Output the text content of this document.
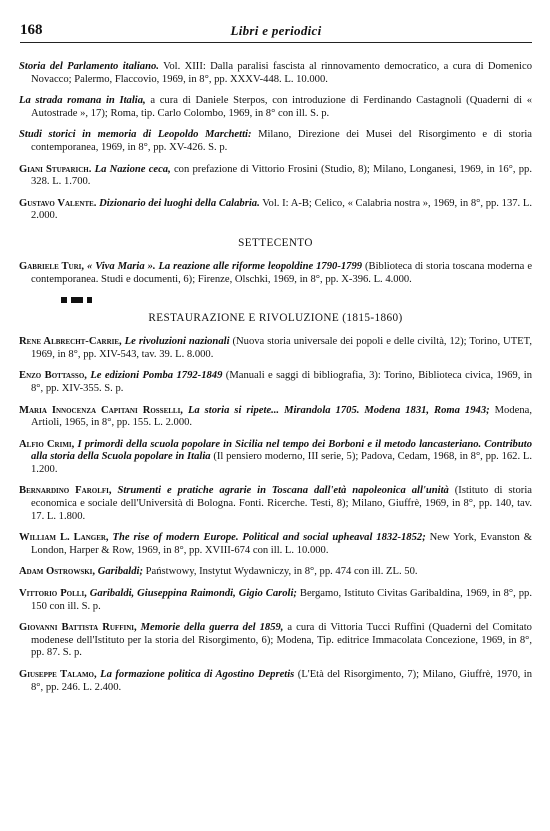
168	Libri e periodici
Storia del Parlamento italiano. Vol. XIII: Dalla paralisi fascista al rinnovamento democratico, a cura di Domenico Novacco; Palermo, Flaccovio, 1969, in 8°, pp. XXXV-448. L. 10.000.
La strada romana in Italia, a cura di Daniele Sterpos, con introduzione di Ferdinando Castagnoli (Quaderni di « Autostrade », 17); Roma, tip. Carlo Colombo, 1969, in 8° con ill. S. p.
Studi storici in memoria di Leopoldo Marchetti: Milano, Direzione dei Musei del Risorgimento e di storia contemporanea, 1969, in 8°, pp. XV-426. S. p.
Giani Stuparich. La Nazione ceca, con prefazione di Vittorio Frosini (Studio, 8); Milano, Longanesi, 1969, in 16°, pp. 328. L. 1.700.
Gustavo Valente. Dizionario dei luoghi della Calabria. Vol. I: A-B; Celico, « Calabria nostra », 1969, in 8°, pp. 137. L. 2.000.
SETTECENTO
Gabriele Turi, « Viva Maria ». La reazione alle riforme leopoldine 1790-1799 (Biblioteca di storia toscana moderna e contemporanea. Studi e documenti, 6); Firenze, Olschki, 1969, in 8°, pp. X-396. L. 4.000.
RESTAURAZIONE E RIVOLUZIONE (1815-1860)
Rene Albrecht-Carrie, Le rivoluzioni nazionali (Nuova storia universale dei popoli e delle civiltà, 12); Torino, UTET, 1969, in 8°, pp. XIV-543, tav. 39. L. 8.000.
Enzo Bottasso, Le edizioni Pomba 1792-1849 (Manuali e saggi di bibliografia, 3): Torino, Biblioteca civica, 1969, in 8°, pp. XIV-355. S. p.
Maria Innocenza Capitani Rosselli, La storia si ripete... Mirandola 1705. Modena 1831, Roma 1943; Modena, Artioli, 1965, in 8°, pp. 155. L. 2.000.
Alfio Crimi, I primordi della scuola popolare in Sicilia nel tempo dei Borboni e il metodo lancasteriano. Contributo alla storia della Scuola popolare in Italia (Il pensiero moderno, III serie, 5); Padova, Cedam, 1968, in 8°, pp. 162. L. 1.200.
Bernardino Farolfi, Strumenti e pratiche agrarie in Toscana dall'età napoleonica all'unità (Istituto di storia economica e sociale dell'Università di Bologna. Fonti. Ricerche. Testi, 8); Milano, Giuffrè, 1969, in 8°, pp. 140, tav. 17. L. 1.800.
William L. Langer, The rise of modern Europe. Political and social upheaval 1832-1852; New York, Evanston & London, Harper & Row, 1969, in 8°, pp. XVIII-674 con ill. L. 10.000.
Adam Ostrowski, Garibaldi; Państwowy, Instytut Wydawniczy, in 8°, pp. 474 con ill. ZL. 50.
Vittorio Polli, Garibaldi, Giuseppina Raimondi, Gigio Caroli; Bergamo, Istituto Civitas Garibaldina, 1969, in 8°, pp. 150 con ill. S. p.
Giovanni Battista Ruffini, Memorie della guerra del 1859, a cura di Vittoria Tucci Ruffini (Quaderni del Comitato modenese dell'Istituto per la storia del Risorgimento, 6); Modena, Tip. editrice Immacolata Concezione, 1969, in 8°, pp. 87. S. p.
Giuseppe Talamo, La formazione politica di Agostino Depretis (L'Età del Risorgimento, 7); Milano, Giuffrè, 1970, in 8°, pp. 246. L. 2.400.
